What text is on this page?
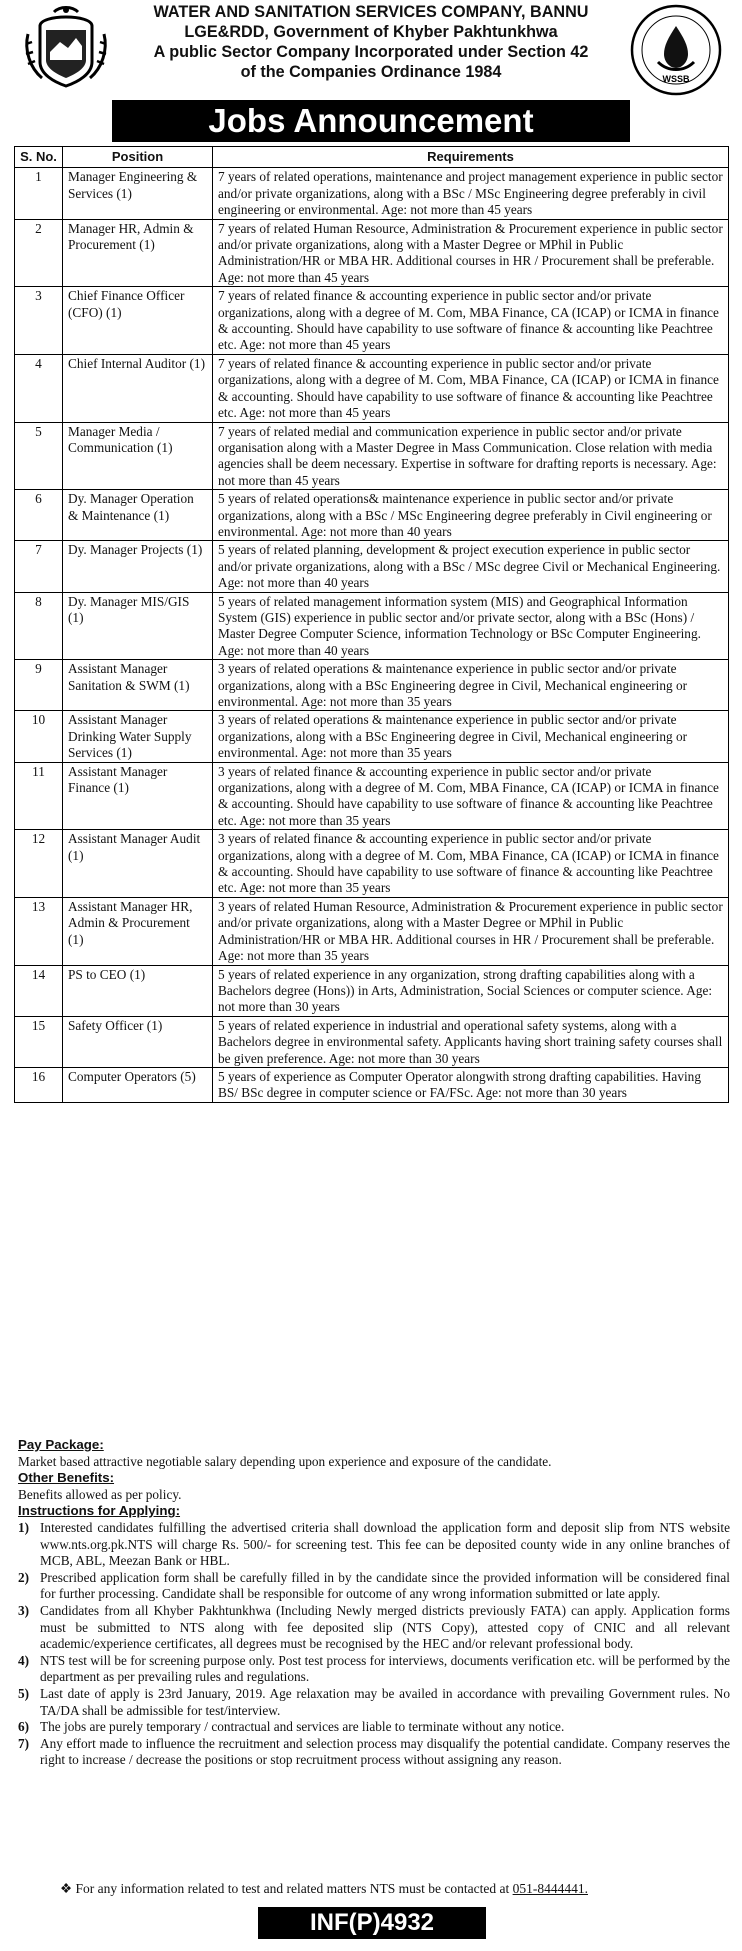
WATER AND SANITATION SERVICES COMPANY, BANNU
LGE&RDD, Government of Khyber Pakhtunkhwa
A public Sector Company Incorporated under Section 42
of the Companies Ordinance 1984	WSSB
Jobs Announcement
S. No.	Position	Requirements
1	Manager Engineering & Services (1)	7 years of related operations, maintenance and project management experience in public sector and/or private organizations, along with a BSc / MSc Engineering degree preferably in civil engineering or environmental. Age: not more than 45 years
2	Manager HR, Admin & Procurement (1)	7 years of related Human Resource, Administration & Procurement experience in public sector and/or private organizations, along with a Master Degree or MPhil in Public Administration/HR or MBA HR. Additional courses in HR / Procurement shall be preferable. Age: not more than 45 years
3	Chief Finance Officer (CFO) (1)	7 years of related finance & accounting experience in public sector and/or private organizations, along with a degree of M. Com, MBA Finance, CA (ICAP) or ICMA in finance & accounting. Should have capability to use software of finance & accounting like Peachtree etc. Age: not more than 45 years
4	Chief Internal Auditor (1)	7 years of related finance & accounting experience in public sector and/or private organizations, along with a degree of M. Com, MBA Finance, CA (ICAP) or ICMA in finance & accounting. Should have capability to use software of finance & accounting like Peachtree etc. Age: not more than 45 years
5	Manager Media / Communication (1)	7 years of related medial and communication experience in public sector and/or private organisation along with a Master Degree in Mass Communication. Close relation with media agencies shall be deem necessary. Expertise in software for drafting reports is necessary. Age: not more than 45 years
6	Dy. Manager Operation & Maintenance (1)	5 years of related operations& maintenance experience in public sector and/or private organizations, along with a BSc / MSc Engineering degree preferably in Civil engineering or environmental. Age: not more than 40 years
7	Dy. Manager Projects (1)	5 years of related planning, development & project execution experience in public sector and/or private organizations, along with a BSc / MSc degree Civil or Mechanical Engineering. Age: not more than 40 years
8	Dy. Manager MIS/GIS (1)	5 years of related management information system (MIS) and Geographical Information System (GIS) experience in public sector and/or private sector, along with a BSc (Hons) / Master Degree Computer Science, information Technology or BSc Computer Engineering. Age: not more than 40 years
9	Assistant Manager Sanitation & SWM (1)	3 years of related operations & maintenance experience in public sector and/or private organizations, along with a BSc Engineering degree in Civil, Mechanical engineering or environmental. Age: not more than 35 years
10	Assistant Manager Drinking Water Supply Services (1)	3 years of related operations & maintenance experience in public sector and/or private organizations, along with a BSc Engineering degree in Civil, Mechanical engineering or environmental. Age: not more than 35 years
11	Assistant Manager Finance (1)	3 years of related finance & accounting experience in public sector and/or private organizations, along with a degree of M. Com, MBA Finance, CA (ICAP) or ICMA in finance & accounting. Should have capability to use software of finance & accounting like Peachtree etc. Age: not more than 35 years
12	Assistant Manager Audit (1)	3 years of related finance & accounting experience in public sector and/or private organizations, along with a degree of M. Com, MBA Finance, CA (ICAP) or ICMA in finance & accounting. Should have capability to use software of finance & accounting like Peachtree etc. Age: not more than 35 years
13	Assistant Manager HR, Admin & Procurement (1)	3 years of related Human Resource, Administration & Procurement experience in public sector and/or private organizations, along with a Master Degree or MPhil in Public Administration/HR or MBA HR. Additional courses in HR / Procurement shall be preferable. Age: not more than 35 years
14	PS to CEO (1)	5 years of related experience in any organization, strong drafting capabilities along with a Bachelors degree (Hons)) in Arts, Administration, Social Sciences or computer science. Age: not more than 30 years
15	Safety Officer (1)	5 years of related experience in industrial and operational safety systems, along with a Bachelors degree in environmental safety. Applicants having short training safety courses shall be given preference. Age: not more than 30 years
16	Computer Operators (5)	5 years of experience as Computer Operator alongwith strong drafting capabilities. Having BS/ BSc degree in computer science or FA/FSc. Age: not more than 30 years
Pay Package:

Market based attractive negotiable salary depending upon experience and exposure of the candidate.

Other Benefits:

Benefits allowed as per policy.

Instructions for Applying:
1) Interested candidates fulfilling the advertised criteria shall download the application form and deposit slip from NTS website www.nts.org.pk.NTS will charge Rs. 500/- for screening test. This fee can be deposited county wide in any online branches of MCB, ABL, Meezan Bank or HBL.
2) Prescribed application form shall be carefully filled in by the candidate since the provided information will be considered final for further processing. Candidate shall be responsible for outcome of any wrong information submitted or late apply.
3) Candidates from all Khyber Pakhtunkhwa (Including Newly merged districts previously FATA) can apply. Application forms must be submitted to NTS along with fee deposited slip (NTS Copy), attested copy of CNIC and all relevant academic/experience certificates, all degrees must be recognised by the HEC and/or relevant professional body.
4) NTS test will be for screening purpose only. Post test process for interviews, documents verification etc. will be performed by the department as per prevailing rules and regulations.
5) Last date of apply is 23rd January, 2019. Age relaxation may be availed in accordance with prevailing Government rules. No TA/DA shall be admissible for test/interview.
6) The jobs are purely temporary / contractual and services are liable to terminate without any notice.
7) Any effort made to influence the recruitment and selection process may disqualify the potential candidate. Company reserves the right to increase / decrease the positions or stop recruitment process without assigning any reason.
❖ For any information related to test and related matters NTS must be contacted at 051-8444441.
INF(P)4932
